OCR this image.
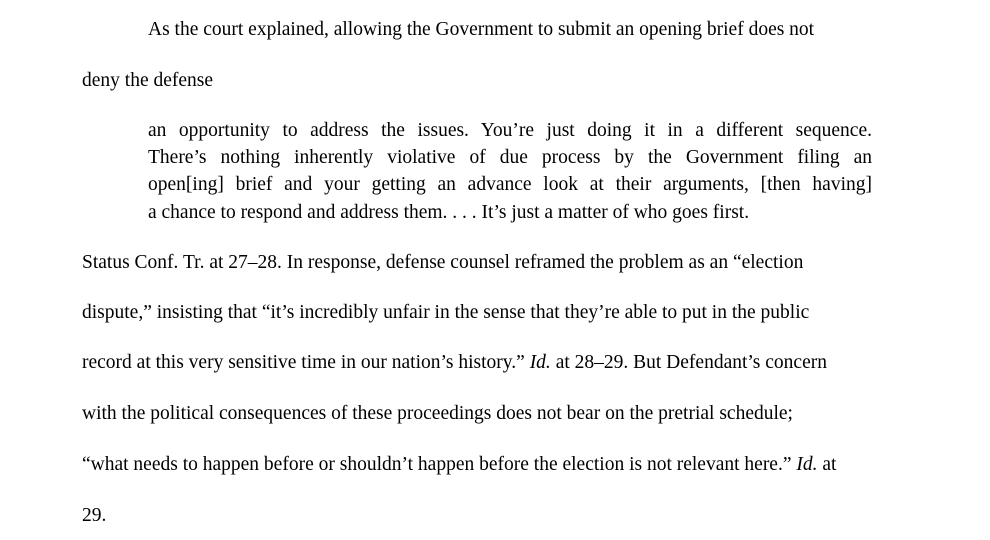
As the court explained, allowing the Government to submit an opening brief does not
deny the defense
an opportunity to address the issues. You’re just doing it in a different sequence.
There’s nothing inherently violative of due process by the Government filing an
open[ing] brief and your getting an advance look at their arguments, [then having]
a chance to respond and address them. . . . It’s just a matter of who goes first.
Status Conf. Tr. at 27–28. In response, defense counsel reframed the problem as an “election
dispute,” insisting that “it’s incredibly unfair in the sense that they’re able to put in the public
record at this very sensitive time in our nation’s history.” Id. at 28–29. But Defendant’s concern
with the political consequences of these proceedings does not bear on the pretrial schedule;
“what needs to happen before or shouldn’t happen before the election is not relevant here.” Id. at
29.
